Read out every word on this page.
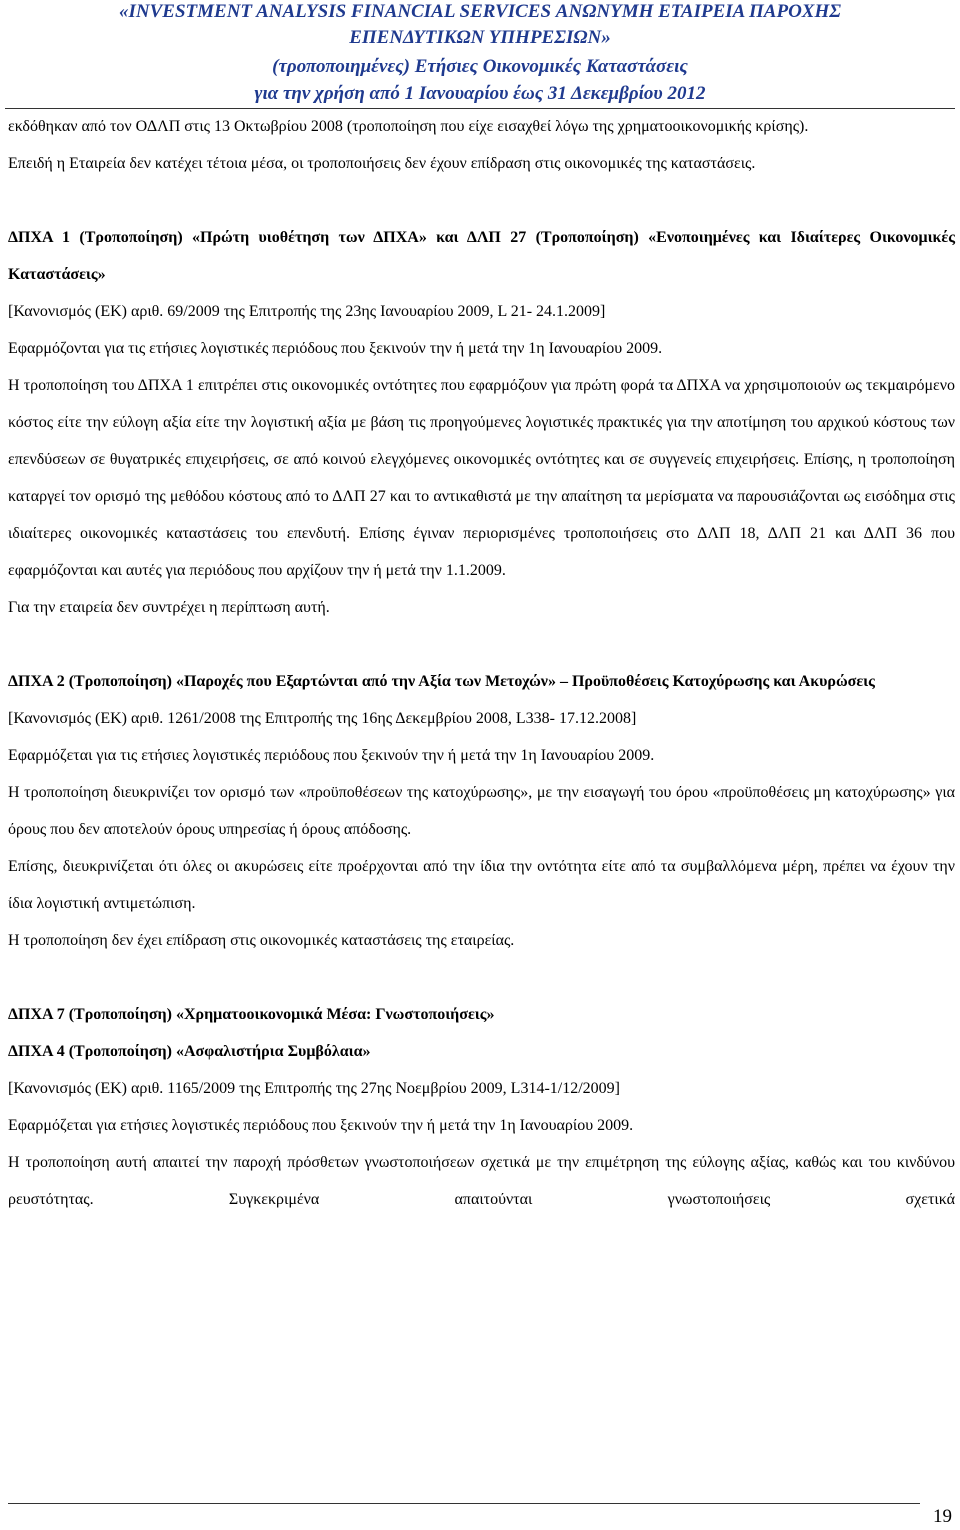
«INVESTMENT ANALYSIS FINANCIAL SERVICES ΑΝΩΝΥΜΗ ΕΤΑΙΡΕΙΑ ΠΑΡΟΧΗΣ
ΕΠΕΝΔΥΤΙΚΩΝ ΥΠΗΡΕΣΙΩΝ»
(τροποποιημένες) Ετήσιες Οικονομικές Καταστάσεις
για την χρήση από 1 Ιανουαρίου έως 31 Δεκεμβρίου 2012

εκδόθηκαν από τον ΟΔΛΠ στις 13 Οκτωβρίου 2008 (τροποποίηση που είχε εισαχθεί λόγω της χρηματοοικονομικής κρίσης).

Επειδή η Εταιρεία δεν κατέχει τέτοια μέσα, οι τροποποιήσεις δεν έχουν επίδραση στις οικονομικές της καταστάσεις.

ΔΠΧΑ 1 (Τροποποίηση) «Πρώτη υιοθέτηση των ΔΠΧΑ» και ΔΛΠ 27 (Τροποποίηση) «Ενοποιημένες και Ιδιαίτερες Οικονομικές Καταστάσεις»

[Κανονισμός (ΕΚ) αριθ. 69/2009 της Επιτροπής της 23ης Ιανουαρίου 2009, L 21- 24.1.2009]

Εφαρμόζονται για τις ετήσιες λογιστικές περιόδους που ξεκινούν την ή μετά την 1η Ιανουαρίου 2009.

Η τροποποίηση του ΔΠΧΑ 1 επιτρέπει στις οικονομικές οντότητες που εφαρμόζουν για πρώτη φορά τα ΔΠΧΑ να χρησιμοποιούν ως τεκμαιρόμενο κόστος είτε την εύλογη αξία είτε την λογιστική αξία με βάση τις προηγούμενες λογιστικές πρακτικές για την αποτίμηση του αρχικού κόστους των επενδύσεων σε θυγατρικές επιχειρήσεις, σε από κοινού ελεγχόμενες οικονομικές οντότητες και σε συγγενείς επιχειρήσεις. Επίσης, η τροποποίηση καταργεί τον ορισμό της μεθόδου κόστους από το ΔΛΠ 27 και το αντικαθιστά με την απαίτηση τα μερίσματα να παρουσιάζονται ως εισόδημα στις ιδιαίτερες οικονομικές καταστάσεις του επενδυτή. Επίσης έγιναν περιορισμένες τροποποιήσεις στο ΔΛΠ 18, ΔΛΠ 21 και ΔΛΠ 36 που εφαρμόζονται και αυτές για περιόδους που αρχίζουν την ή μετά την 1.1.2009.

Για την εταιρεία δεν συντρέχει η περίπτωση αυτή.

ΔΠΧΑ 2 (Τροποποίηση) «Παροχές που Εξαρτώνται από την Αξία των Μετοχών» – Προϋποθέσεις Κατοχύρωσης και Ακυρώσεις

[Κανονισμός (ΕΚ) αριθ. 1261/2008 της Επιτροπής της 16ης Δεκεμβρίου 2008, L338- 17.12.2008]

Εφαρμόζεται για τις ετήσιες λογιστικές περιόδους που ξεκινούν την ή μετά την 1η Ιανουαρίου 2009.

Η τροποποίηση διευκρινίζει τον ορισμό των «προϋποθέσεων της κατοχύρωσης», με την εισαγωγή του όρου «προϋποθέσεις μη κατοχύρωσης» για όρους που δεν αποτελούν όρους υπηρεσίας ή όρους απόδοσης.

Επίσης, διευκρινίζεται ότι όλες οι ακυρώσεις είτε προέρχονται από την ίδια την οντότητα είτε από τα συμβαλλόμενα μέρη, πρέπει να έχουν την ίδια λογιστική αντιμετώπιση.

Η τροποποίηση δεν έχει επίδραση στις οικονομικές καταστάσεις της εταιρείας.

ΔΠΧΑ 7 (Τροποποίηση) «Χρηματοοικονομικά Μέσα: Γνωστοποιήσεις»

ΔΠΧΑ 4 (Τροποποίηση) «Ασφαλιστήρια Συμβόλαια»

[Κανονισμός (ΕΚ) αριθ. 1165/2009 της Επιτροπής της 27ης Νοεμβρίου 2009, L314-1/12/2009]

Εφαρμόζεται για ετήσιες λογιστικές περιόδους που ξεκινούν την ή μετά την 1η Ιανουαρίου 2009.

Η τροποποίηση αυτή απαιτεί την παροχή πρόσθετων γνωστοποιήσεων σχετικά με την επιμέτρηση της εύλογης αξίας, καθώς και του κινδύνου ρευστότητας. Συγκεκριμένα απαιτούνται γνωστοποιήσεις σχετικά

19
